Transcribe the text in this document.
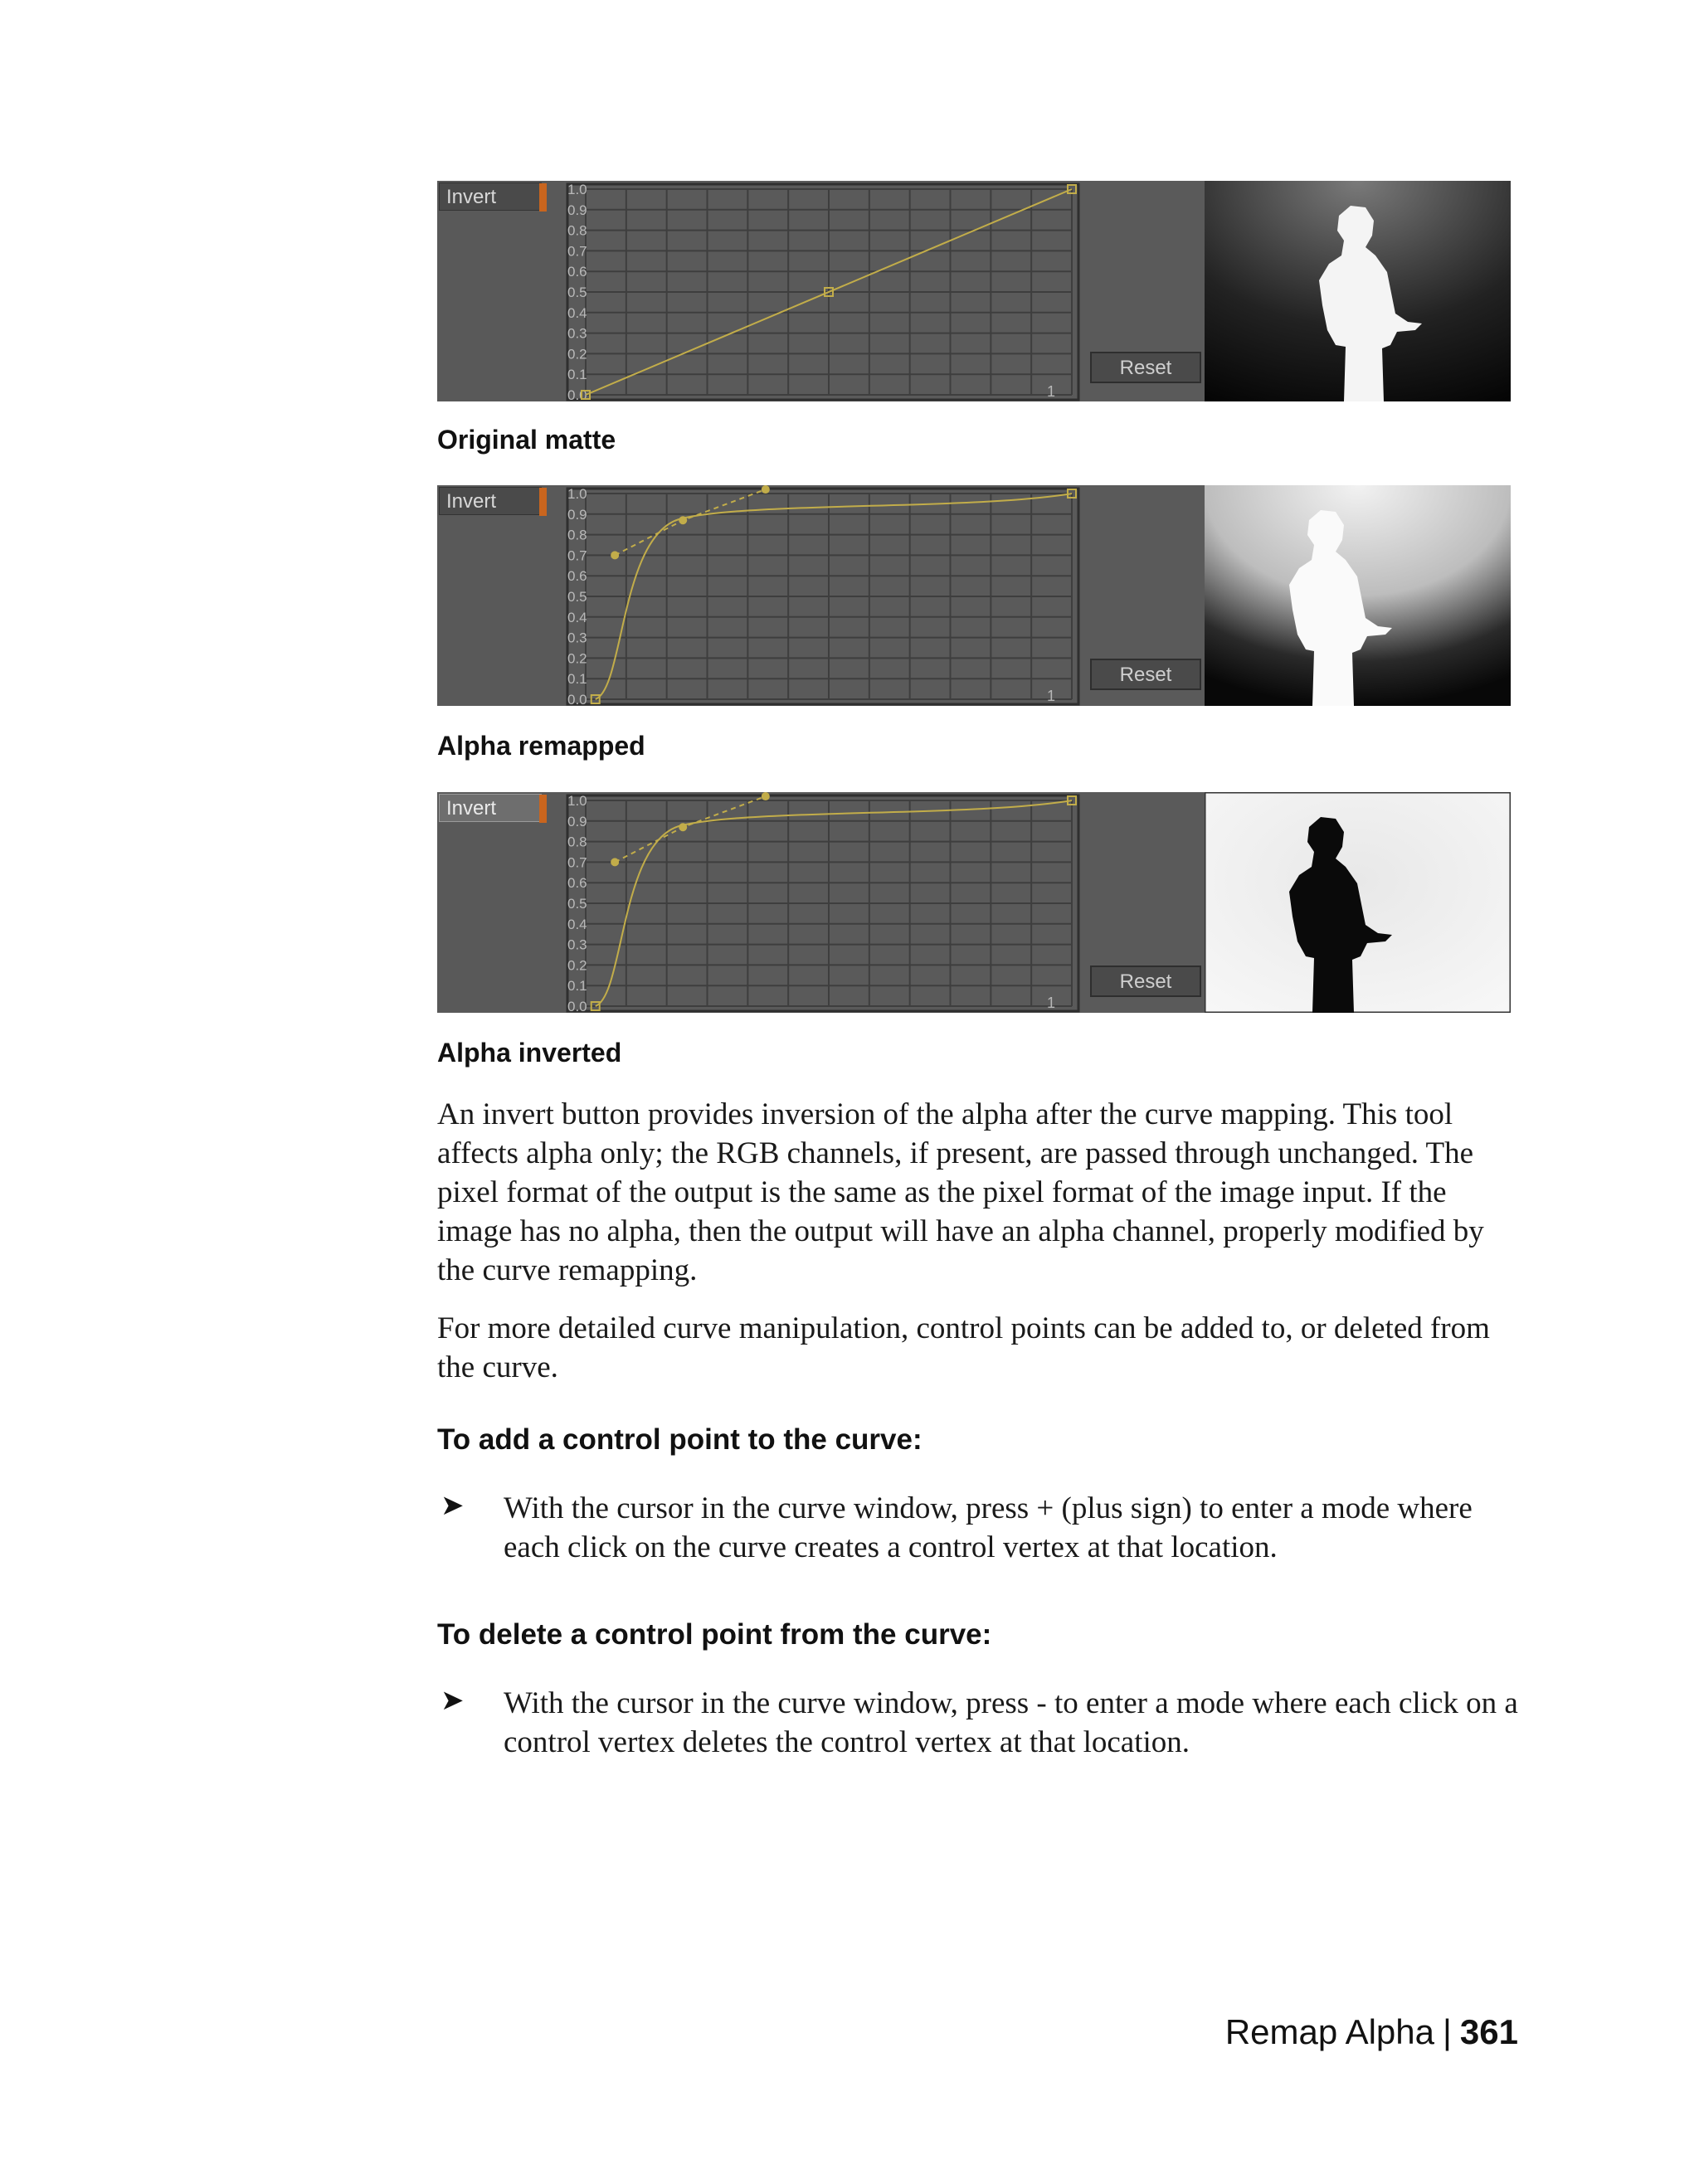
Invert	1.0
0.9
0.8
0.7
0.6
0.5
0.4
0.3
0.2
0.1
0.0	1
Reset
Original matte
Invert	1.0
0.9
0.8
0.7
0.6
0.5
0.4
0.3
0.2
0.1
0.0	1
Reset
Alpha remapped
Invert	1.0
0.9
0.8
0.7
0.6
0.5
0.4
0.3
0.2
0.1
0.0	1
Reset
Alpha inverted

An invert button provides inversion of the alpha after the curve mapping. This tool affects alpha only; the RGB channels, if present, are passed through unchanged. The pixel format of the output is the same as the pixel format of the image input. If the image has no alpha, then the output will have an alpha channel, properly modified by the curve remapping.

For more detailed curve manipulation, control points can be added to, or deleted from the curve.

To add a control point to the curve:
➤ With the cursor in the curve window, press + (plus sign) to enter a mode where each click on the curve creates a control vertex at that location.

To delete a control point from the curve:
➤ With the cursor in the curve window, press - to enter a mode where each click on a control vertex deletes the control vertex at that location.

Remap Alpha | 361
